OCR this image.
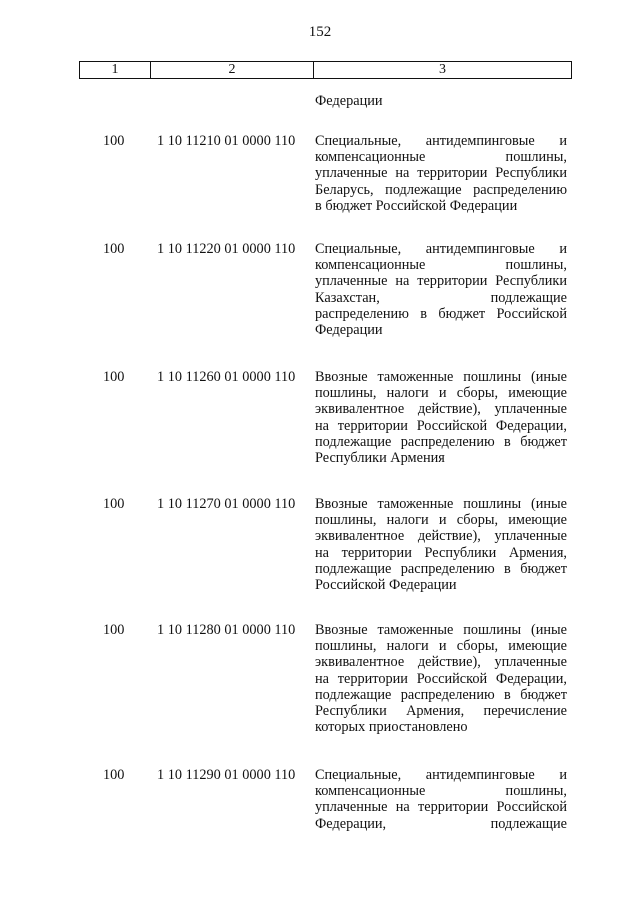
152
1	2	3
Федерации
100 1 10 11210 01 0000 110 Специальные, антидемпинговые и
компенсационные пошлины,
уплаченные на территории Республики
Беларусь, подлежащие распределению
в бюджет Российской Федерации
100 1 10 11220 01 0000 110 Специальные, антидемпинговые и
компенсационные пошлины,
уплаченные на территории Республики
Казахстан, подлежащие
распределению в бюджет Российской
Федерации
100 1 10 11260 01 0000 110 Ввозные таможенные пошлины (иные
пошлины, налоги и сборы, имеющие
эквивалентное действие), уплаченные
на территории Российской Федерации,
подлежащие распределению в бюджет
Республики Армения
100 1 10 11270 01 0000 110 Ввозные таможенные пошлины (иные
пошлины, налоги и сборы, имеющие
эквивалентное действие), уплаченные
на территории Республики Армения,
подлежащие распределению в бюджет
Российской Федерации
100 1 10 11280 01 0000 110 Ввозные таможенные пошлины (иные
пошлины, налоги и сборы, имеющие
эквивалентное действие), уплаченные
на территории Российской Федерации,
подлежащие распределению в бюджет
Республики Армения, перечисление
которых приостановлено
100 1 10 11290 01 0000 110 Специальные, антидемпинговые и
компенсационные пошлины,
уплаченные на территории Российской
Федерации, подлежащие
